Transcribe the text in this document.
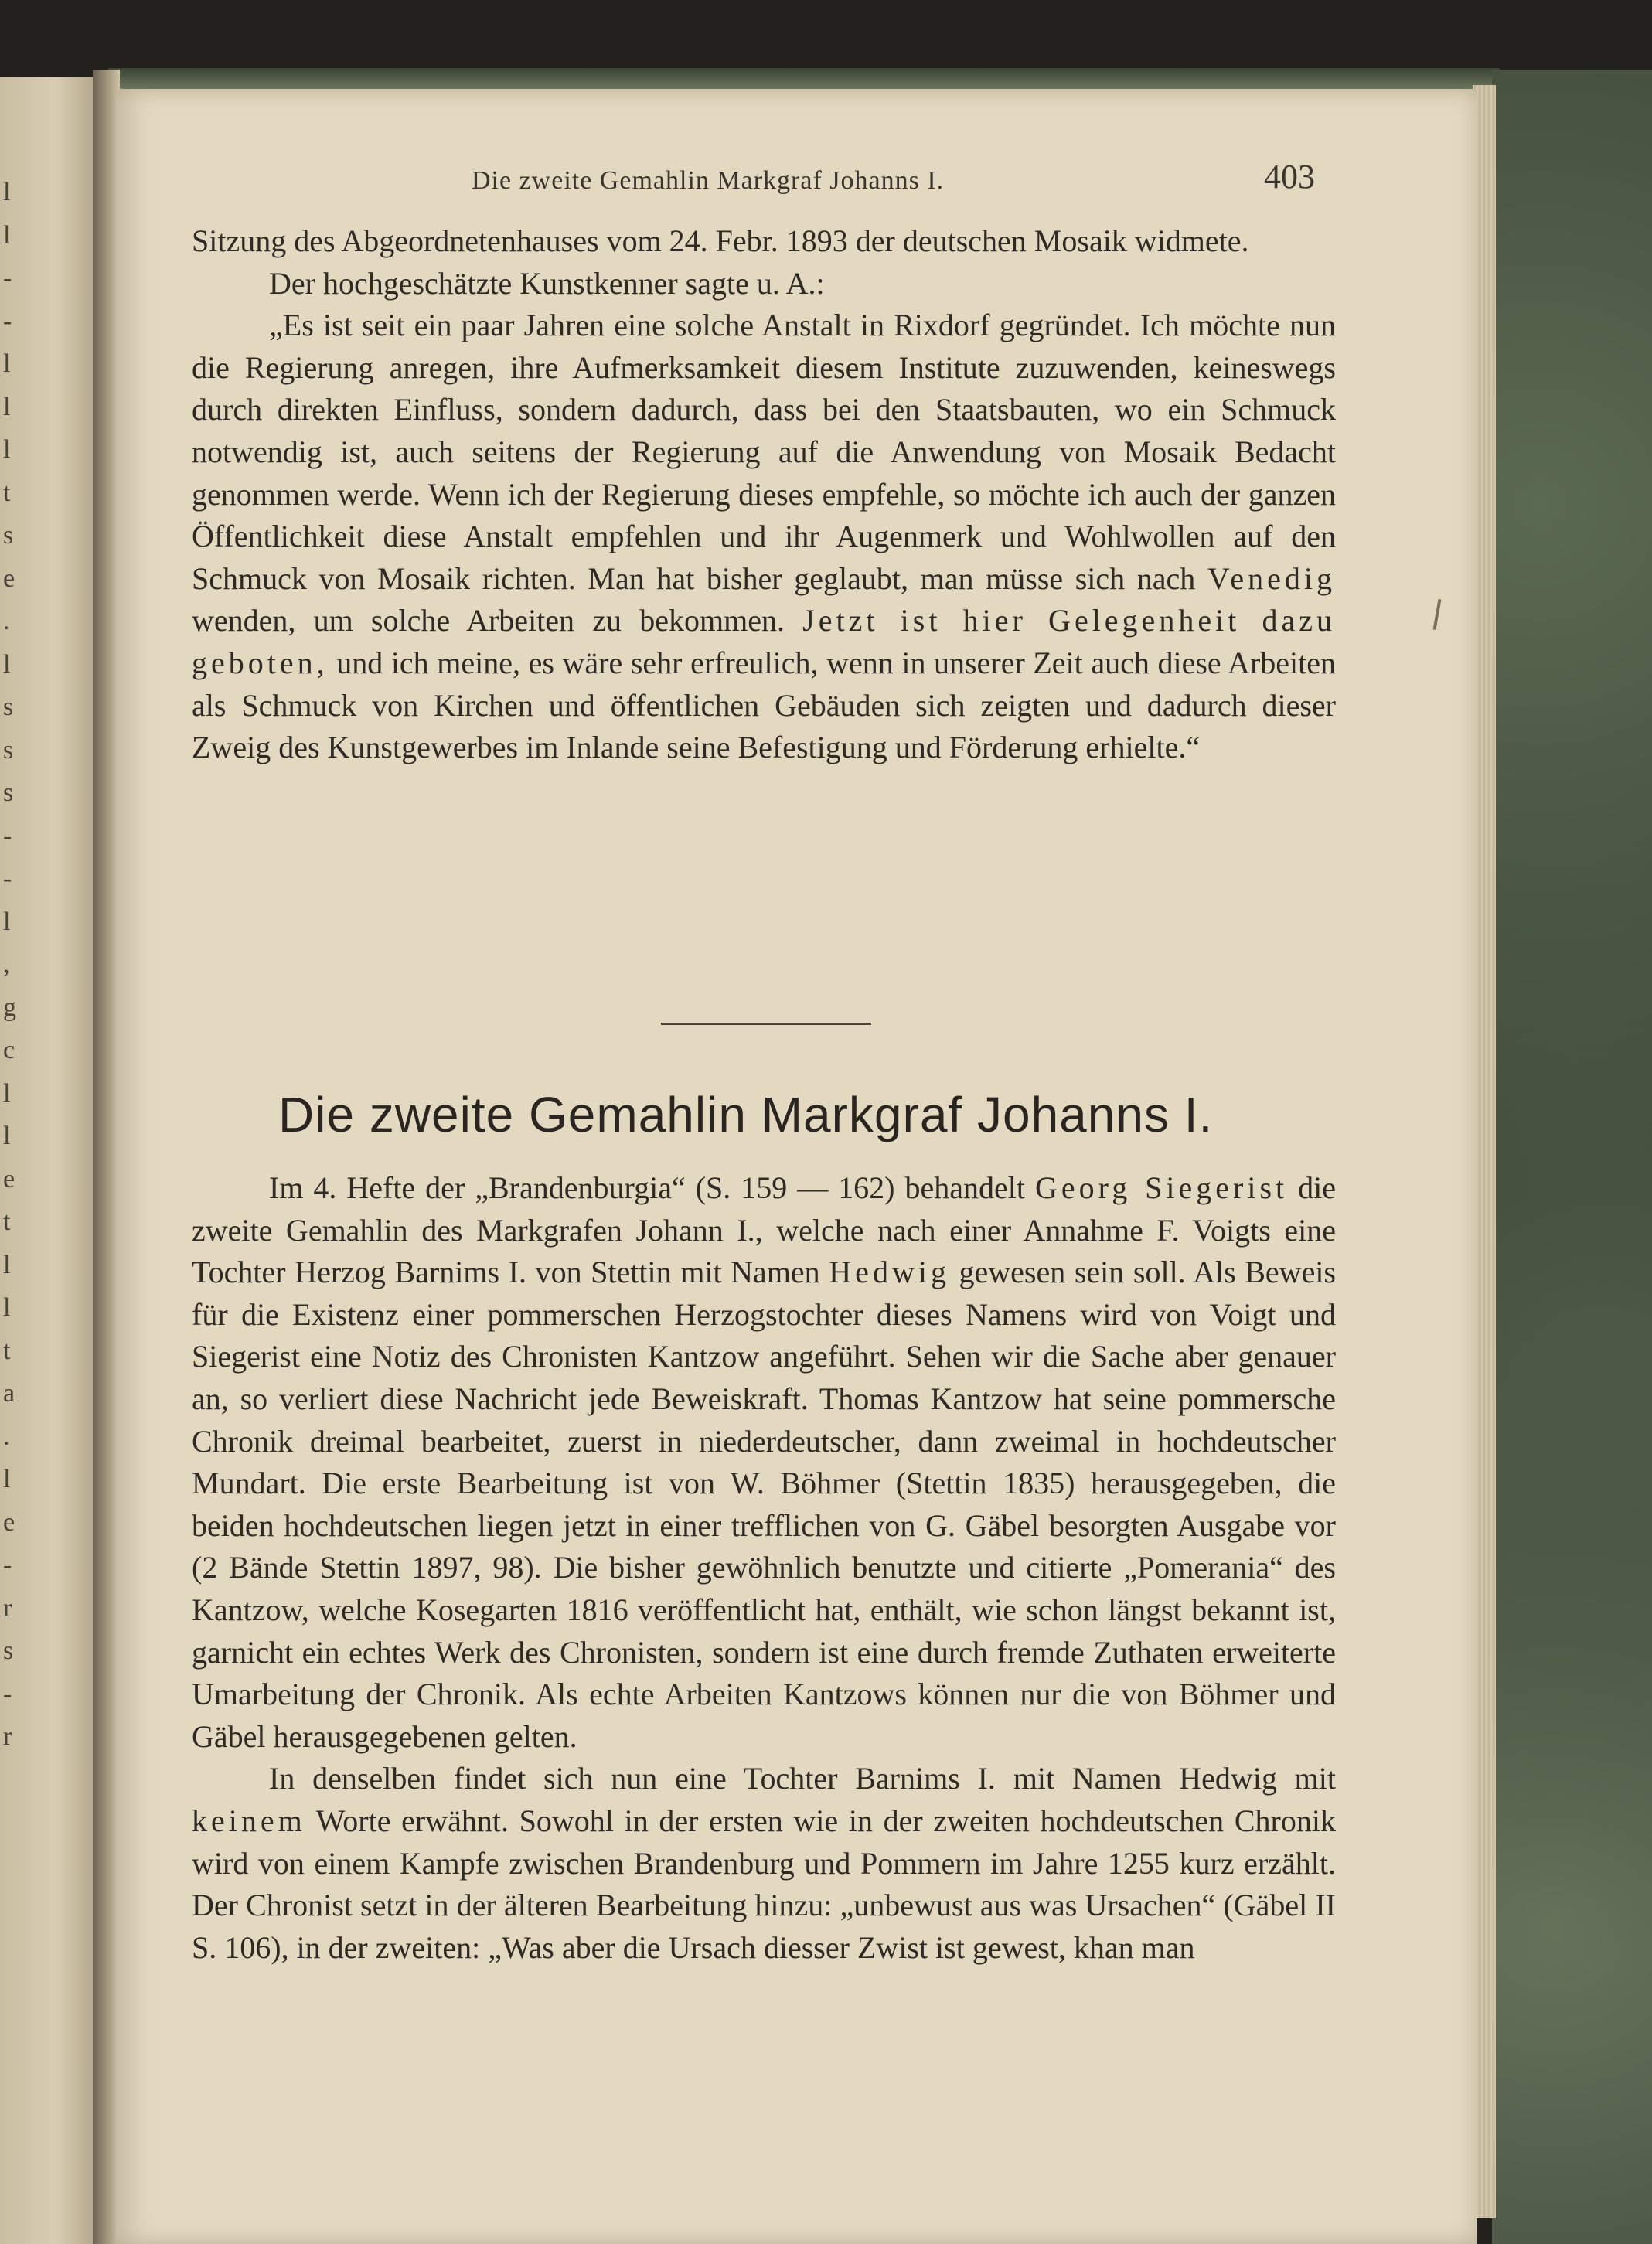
l
l
-
-
l
l
l
t
s
e
.
l
s
s
s
-
-
l
,
g
c
l
l
e
t
l
l
t
a
.
l
e
-
r
s
-
r
Die zweite Gemahlin Markgraf Johanns I.	403

Sitzung des Abgeordnetenhauses vom 24. Febr. 1893 der deutschen Mosaik widmete.

Der hochgeschätzte Kunstkenner sagte u. A.:

„Es ist seit ein paar Jahren eine solche Anstalt in Rixdorf gegründet. Ich möchte nun die Regierung anregen, ihre Aufmerksamkeit diesem Institute zuzuwenden, keineswegs durch direkten Einfluss, sondern dadurch, dass bei den Staatsbauten, wo ein Schmuck notwendig ist, auch seitens der Regierung auf die Anwendung von Mosaik Bedacht genommen werde. Wenn ich der Regierung dieses empfehle, so möchte ich auch der ganzen Öffentlichkeit diese Anstalt empfehlen und ihr Augenmerk und Wohlwollen auf den Schmuck von Mosaik richten. Man hat bisher geglaubt, man müsse sich nach Venedig wenden, um solche Arbeiten zu bekommen. Jetzt ist hier Gelegenheit dazu geboten, und ich meine, es wäre sehr erfreulich, wenn in unserer Zeit auch diese Arbeiten als Schmuck von Kirchen und öffentlichen Gebäuden sich zeigten und dadurch dieser Zweig des Kunstgewerbes im Inlande seine Befestigung und Förderung erhielte.“

Die zweite Gemahlin Markgraf Johanns I.

Im 4. Hefte der „Brandenburgia“ (S. 159 — 162) behandelt Georg Siegerist die zweite Gemahlin des Markgrafen Johann I., welche nach einer Annahme F. Voigts eine Tochter Herzog Barnims I. von Stettin mit Namen Hedwig gewesen sein soll. Als Beweis für die Existenz einer pommerschen Herzogstochter dieses Namens wird von Voigt und Siegerist eine Notiz des Chronisten Kantzow angeführt. Sehen wir die Sache aber genauer an, so verliert diese Nachricht jede Beweiskraft. Thomas Kantzow hat seine pommersche Chronik dreimal bearbeitet, zuerst in niederdeutscher, dann zweimal in hochdeutscher Mundart. Die erste Bearbeitung ist von W. Böhmer (Stettin 1835) herausgegeben, die beiden hochdeutschen liegen jetzt in einer trefflichen von G. Gäbel besorgten Ausgabe vor (2 Bände Stettin 1897, 98). Die bisher gewöhnlich benutzte und citierte „Pomerania“ des Kantzow, welche Kosegarten 1816 veröffentlicht hat, enthält, wie schon längst bekannt ist, garnicht ein echtes Werk des Chronisten, sondern ist eine durch fremde Zuthaten erweiterte Umarbeitung der Chronik. Als echte Arbeiten Kantzows können nur die von Böhmer und Gäbel herausgegebenen gelten.

In denselben findet sich nun eine Tochter Barnims I. mit Namen Hedwig mit keinem Worte erwähnt. Sowohl in der ersten wie in der zweiten hochdeutschen Chronik wird von einem Kampfe zwischen Brandenburg und Pommern im Jahre 1255 kurz erzählt. Der Chronist setzt in der älteren Bearbeitung hinzu: „unbewust aus was Ursachen“ (Gäbel II S. 106), in der zweiten: „Was aber die Ursach diesser Zwist ist gewest, khan man
